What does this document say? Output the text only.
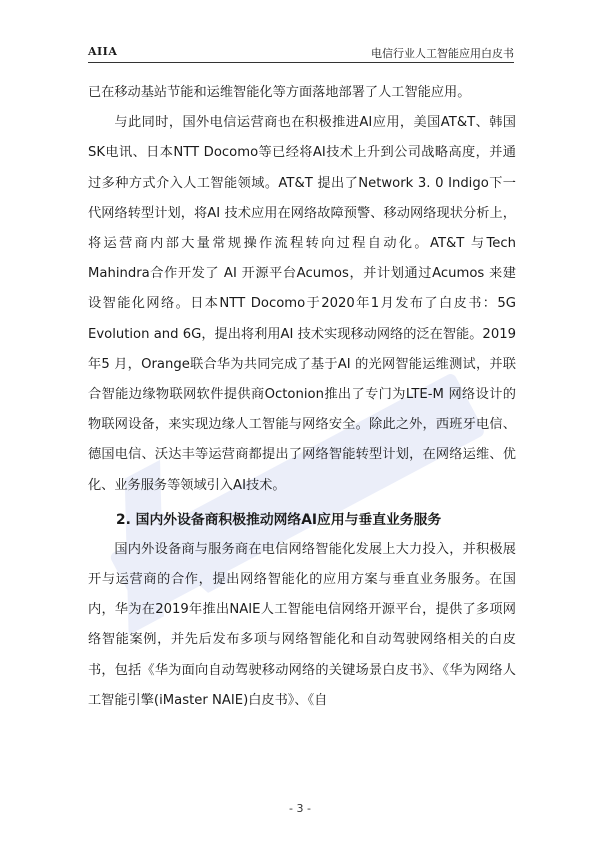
AIIA	电信行业人工智能应用白皮书

已在移动基站节能和运维智能化等方面落地部署了人工智能应用。

与此同时，国外电信运营商也在积极推进AI应用，美国AT&T、韩国SK电讯、日本NTT Docomo等已经将AI技术上升到公司战略高度，并通过多种方式介入人工智能领域。AT&T 提出了Network 3. 0 Indigo下一代网络转型计划，将AI 技术应用在网络故障预警、移动网络现状分析上，将运营商内部大量常规操作流程转向过程自动化。AT&T 与Tech Mahindra合作开发了 AI 开源平台Acumos，并计划通过Acumos 来建设智能化网络。日本NTT Docomo于2020年1月发布了白皮书：5G Evolution and 6G，提出将利用AI 技术实现移动网络的泛在智能。2019年5 月，Orange联合华为共同完成了基于AI 的光网智能运维测试，并联合智能边缘物联网软件提供商Octonion推出了专门为LTE-M 网络设计的物联网设备，来实现边缘人工智能与网络安全。除此之外，西班牙电信、德国电信、沃达丰等运营商都提出了网络智能转型计划，在网络运维、优化、业务服务等领域引入AI技术。

2. 国内外设备商积极推动网络AI应用与垂直业务服务

国内外设备商与服务商在电信网络智能化发展上大力投入，并积极展开与运营商的合作，提出网络智能化的应用方案与垂直业务服务。在国内，华为在2019年推出NAIE人工智能电信网络开源平台，提供了多项网络智能案例，并先后发布多项与网络智能化和自动驾驶网络相关的白皮书，包括《华为面向自动驾驶移动网络的关键场景白皮书》、《华为网络人工智能引擎(iMaster NAIE)白皮书》、《自

- 3 -
